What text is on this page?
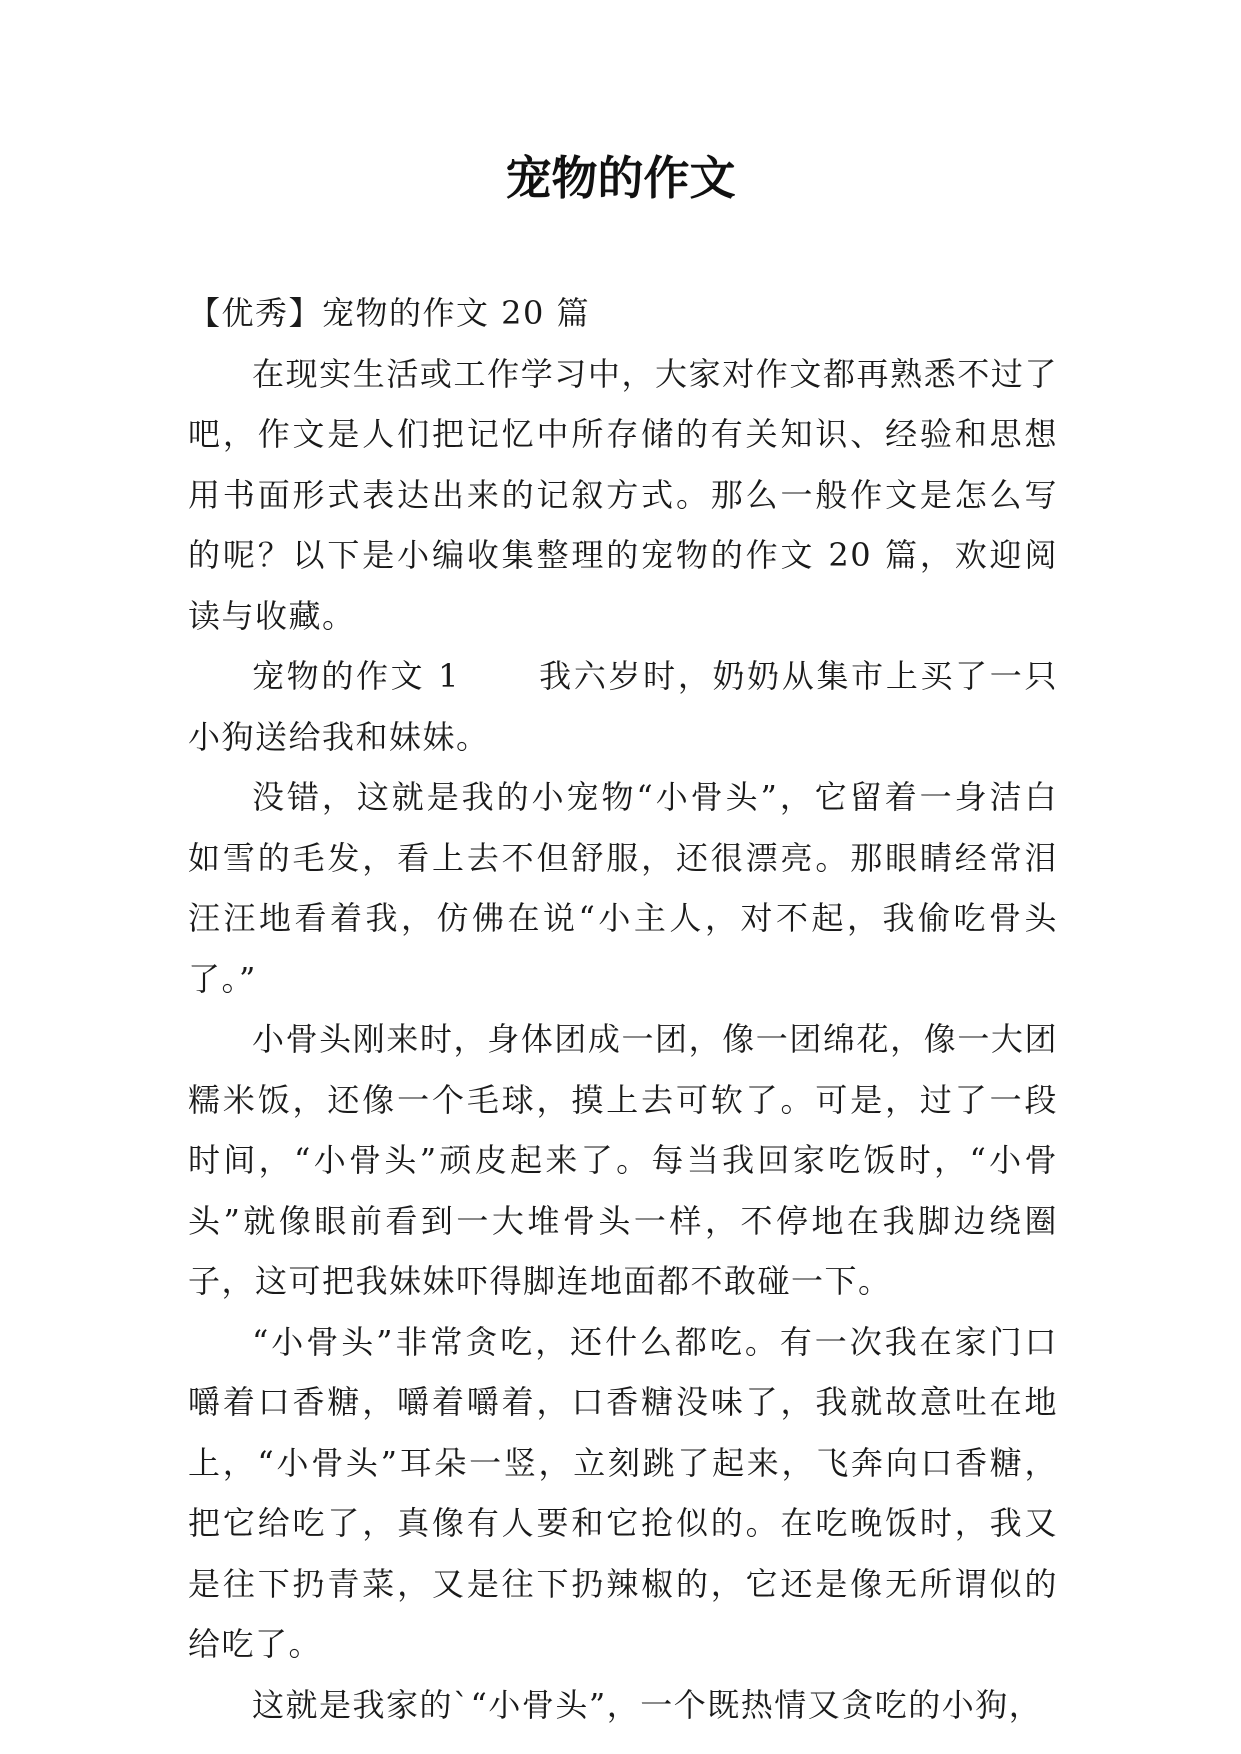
宠物的作文

【优秀】宠物的作文 20 篇

在现实生活或工作学习中，大家对作文都再熟悉不过了吧，作文是人们把记忆中所存储的有关知识、经验和思想用书面形式表达出来的记叙方式。那么一般作文是怎么写的呢？以下是小编收集整理的宠物的作文 20 篇，欢迎阅读与收藏。

宠物的作文 1 我六岁时，奶奶从集市上买了一只小狗送给我和妹妹。

没错，这就是我的小宠物“小骨头”，它留着一身洁白如雪的毛发，看上去不但舒服，还很漂亮。那眼睛经常泪汪汪地看着我，仿佛在说“小主人，对不起，我偷吃骨头了。”

小骨头刚来时，身体团成一团，像一团绵花，像一大团糯米饭，还像一个毛球，摸上去可软了。可是，过了一段时间，“小骨头”顽皮起来了。每当我回家吃饭时，“小骨头”就像眼前看到一大堆骨头一样，不停地在我脚边绕圈子，这可把我妹妹吓得脚连地面都不敢碰一下。

“小骨头”非常贪吃，还什么都吃。有一次我在家门口嚼着口香糖，嚼着嚼着，口香糖没味了，我就故意吐在地上，“小骨头”耳朵一竖，立刻跳了起来，飞奔向口香糖，把它给吃了，真像有人要和它抢似的。在吃晚饭时，我又是往下扔青菜，又是往下扔辣椒的，它还是像无所谓似的给吃了。

这就是我家的`“小骨头”，一个既热情又贪吃的小狗，
